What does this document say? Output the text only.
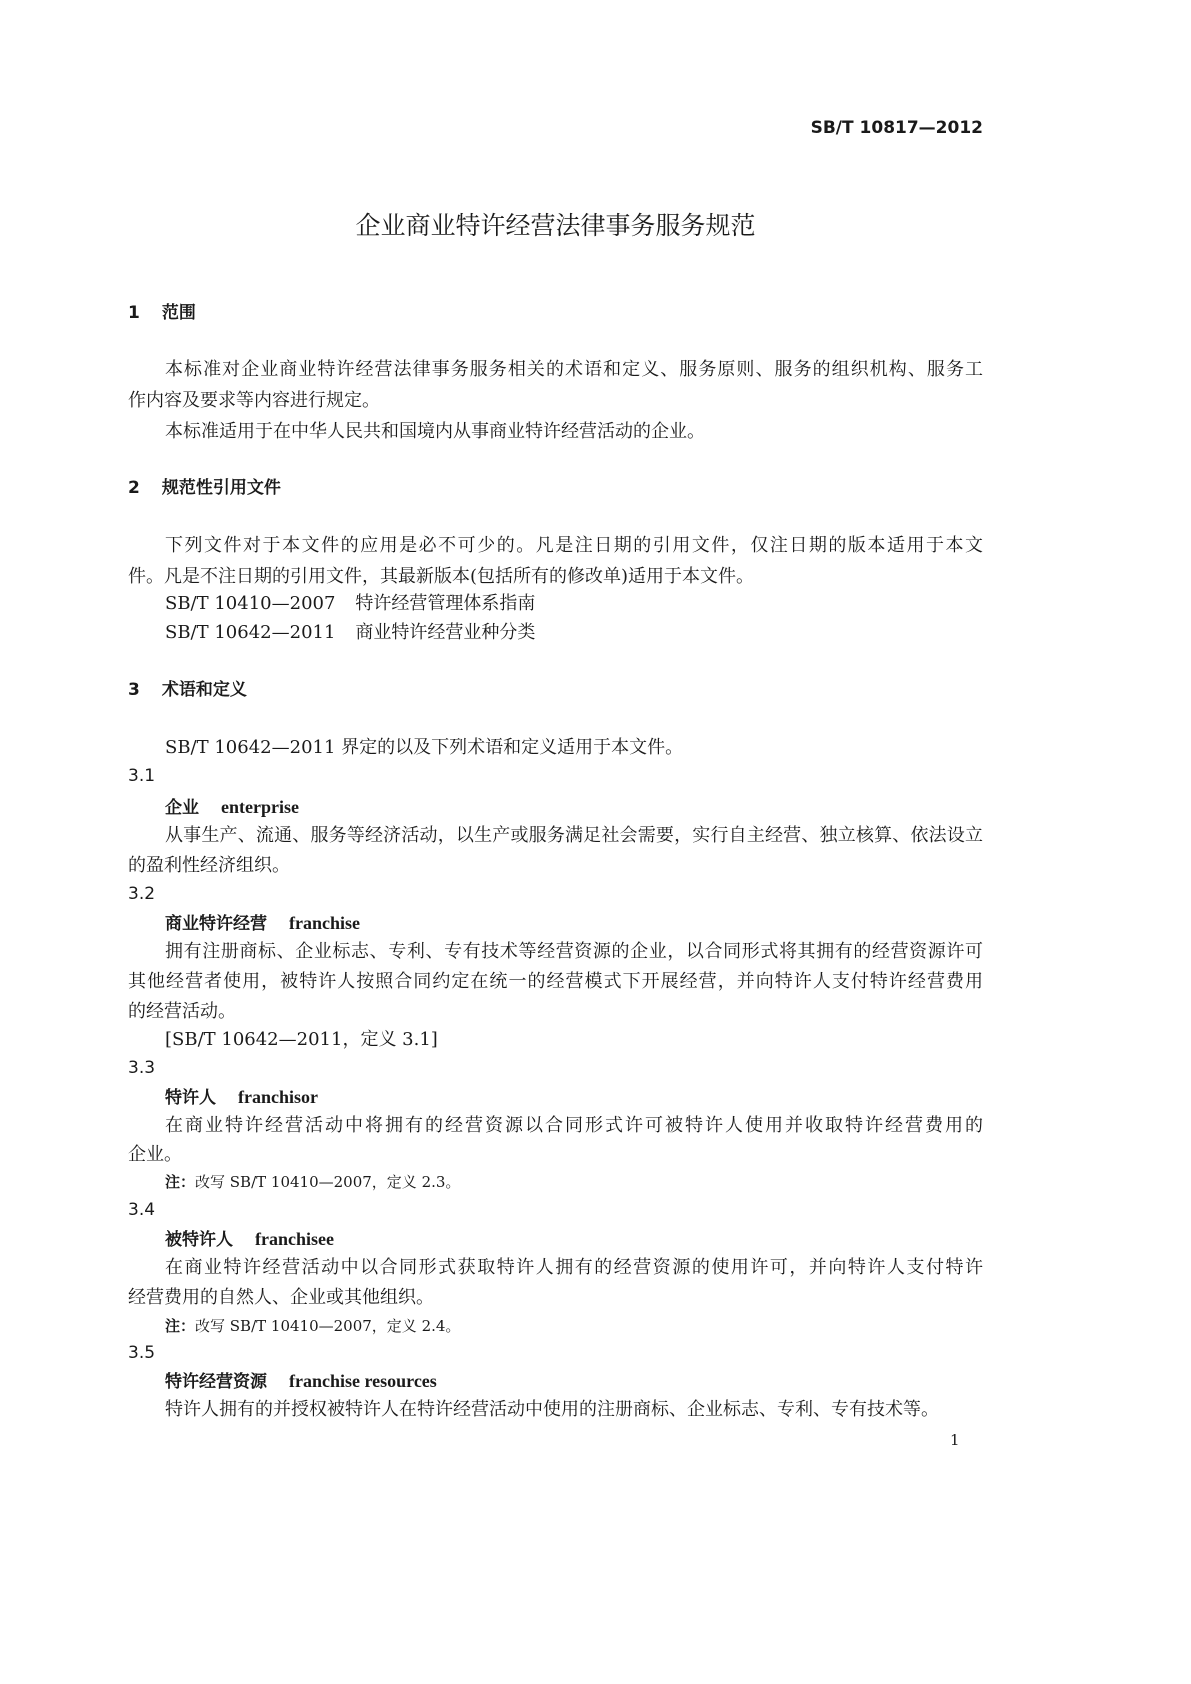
SB/T 10817—2012
企业商业特许经营法律事务服务规范
1 范围
本标准对企业商业特许经营法律事务服务相关的术语和定义、服务原则、服务的组织机构、服务工
作内容及要求等内容进行规定。
本标准适用于在中华人民共和国境内从事商业特许经营活动的企业。
2 规范性引用文件
下列文件对于本文件的应用是必不可少的。凡是注日期的引用文件，仅注日期的版本适用于本文
件。凡是不注日期的引用文件，其最新版本(包括所有的修改单)适用于本文件。
SB/T 10410—2007 特许经营管理体系指南
SB/T 10642—2011 商业特许经营业种分类
3 术语和定义
SB/T 10642—2011 界定的以及下列术语和定义适用于本文件。
3.1
企业 enterprise
从事生产、流通、服务等经济活动，以生产或服务满足社会需要，实行自主经营、独立核算、依法设立
的盈利性经济组织。
3.2
商业特许经营 franchise
拥有注册商标、企业标志、专利、专有技术等经营资源的企业，以合同形式将其拥有的经营资源许可
其他经营者使用，被特许人按照合同约定在统一的经营模式下开展经营，并向特许人支付特许经营费用
的经营活动。
[SB/T 10642—2011，定义 3.1]
3.3
特许人 franchisor
在商业特许经营活动中将拥有的经营资源以合同形式许可被特许人使用并收取特许经营费用的
企业。
注：改写 SB/T 10410—2007，定义 2.3。
3.4
被特许人 franchisee
在商业特许经营活动中以合同形式获取特许人拥有的经营资源的使用许可，并向特许人支付特许
经营费用的自然人、企业或其他组织。
注：改写 SB/T 10410—2007，定义 2.4。
3.5
特许经营资源 franchise resources
特许人拥有的并授权被特许人在特许经营活动中使用的注册商标、企业标志、专利、专有技术等。
1
